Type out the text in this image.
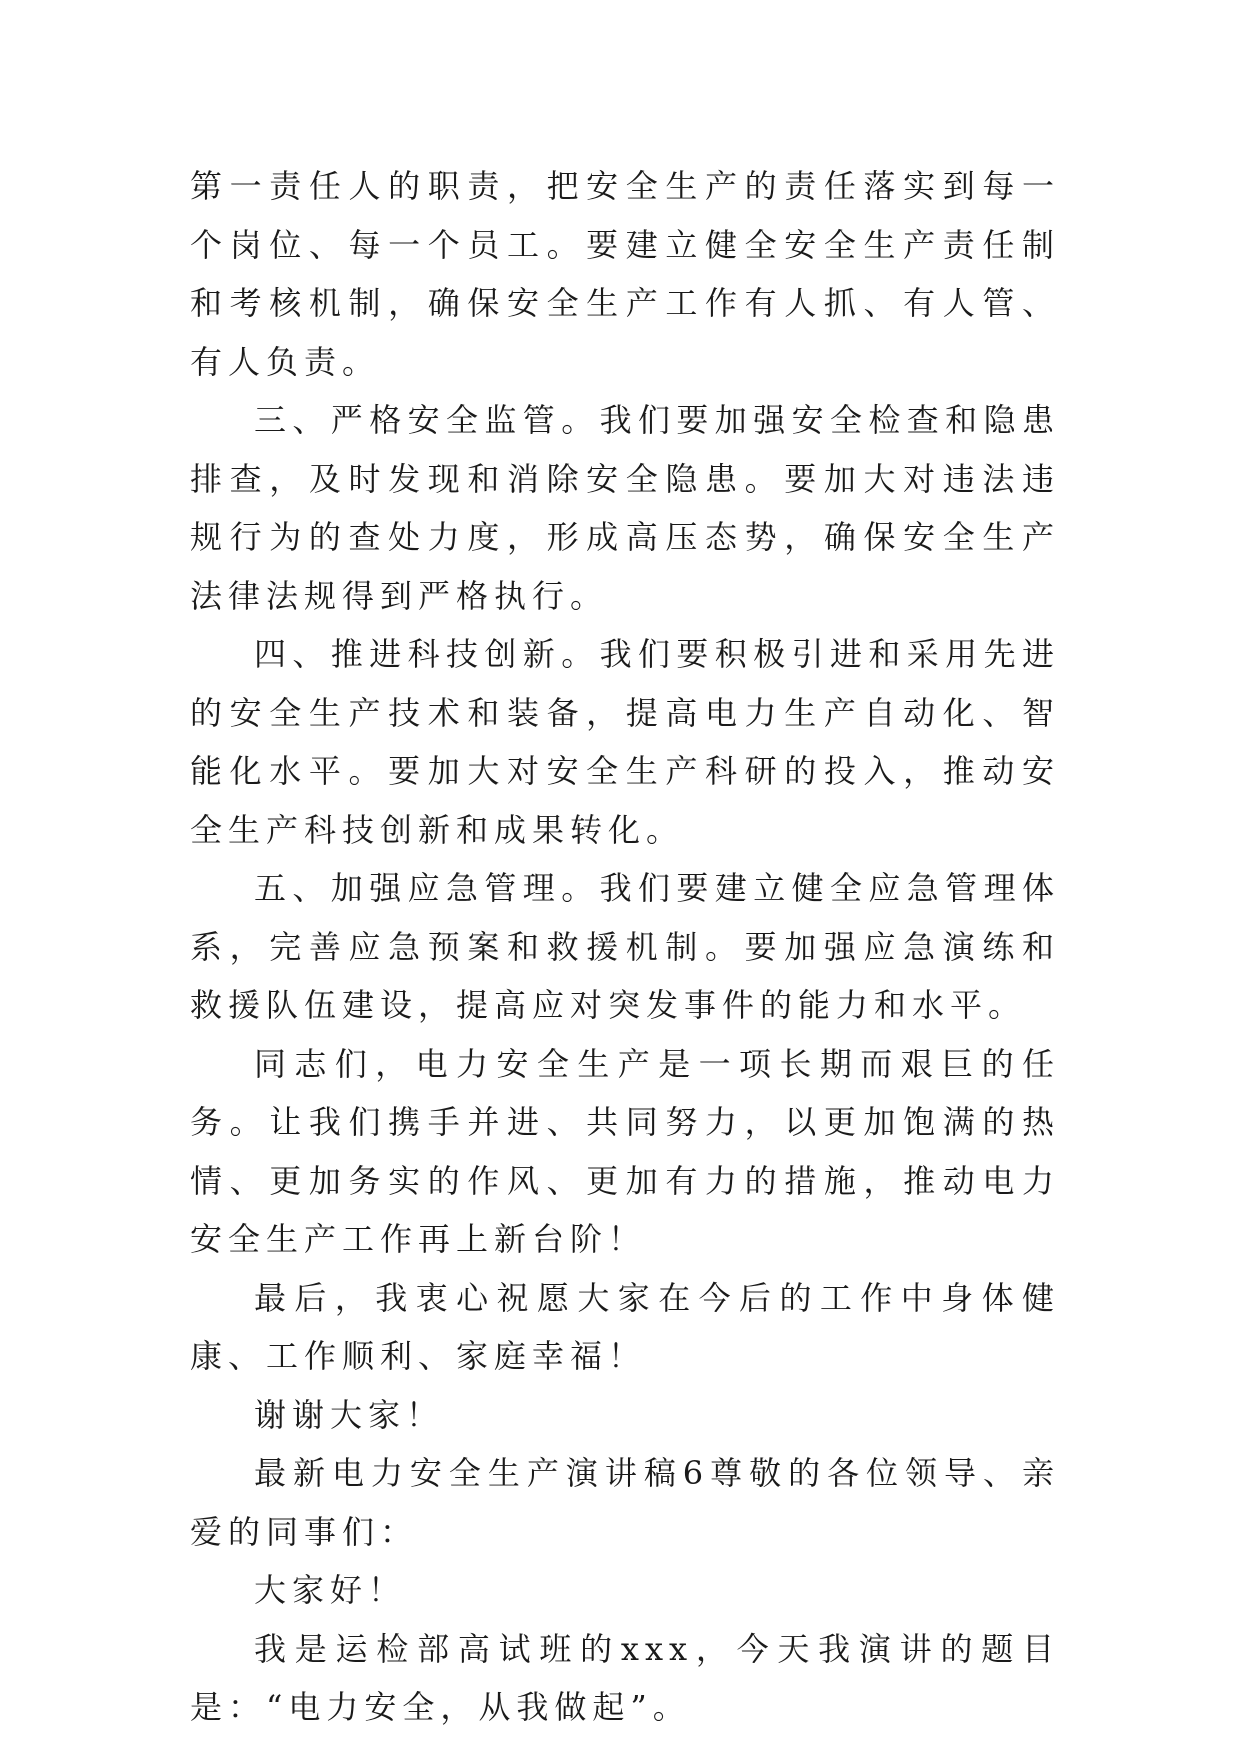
第一责任人的职责，把安全生产的责任落实到每一个岗位、每一个员工。要建立健全安全生产责任制和考核机制，确保安全生产工作有人抓、有人管、有人负责。

三、严格安全监管。我们要加强安全检查和隐患排查，及时发现和消除安全隐患。要加大对违法违规行为的查处力度，形成高压态势，确保安全生产法律法规得到严格执行。

四、推进科技创新。我们要积极引进和采用先进的安全生产技术和装备，提高电力生产自动化、智能化水平。要加大对安全生产科研的投入，推动安全生产科技创新和成果转化。

五、加强应急管理。我们要建立健全应急管理体系，完善应急预案和救援机制。要加强应急演练和救援队伍建设，提高应对突发事件的能力和水平。

同志们，电力安全生产是一项长期而艰巨的任务。让我们携手并进、共同努力，以更加饱满的热情、更加务实的作风、更加有力的措施，推动电力安全生产工作再上新台阶！

最后，我衷心祝愿大家在今后的工作中身体健康、工作顺利、家庭幸福！

谢谢大家！

最新电力安全生产演讲稿6尊敬的各位领导、亲爱的同事们：

大家好！

我是运检部高试班的xxx，今天我演讲的题目是：“电力安全，从我做起”。
